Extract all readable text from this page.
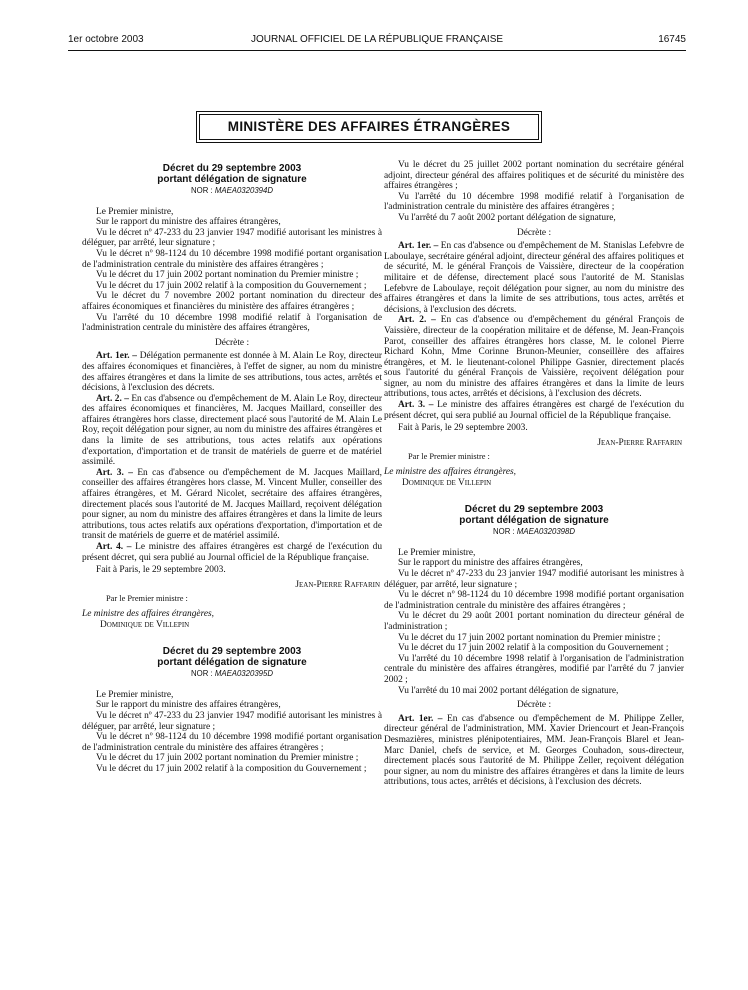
1er octobre 2003	JOURNAL OFFICIEL DE LA RÉPUBLIQUE FRANÇAISE	16745
MINISTÈRE DES AFFAIRES ÉTRANGÈRES

Décret du 29 septembre 2003

portant délégation de signature

NOR : MAEA0320394D

Le Premier ministre,

Sur le rapport du ministre des affaires étrangères,

Vu le décret nº 47-233 du 23 janvier 1947 modifié autorisant les ministres à déléguer, par arrêté, leur signature ;

Vu le décret nº 98-1124 du 10 décembre 1998 modifié portant organisation de l'administration centrale du ministère des affaires étrangères ;

Vu le décret du 17 juin 2002 portant nomination du Premier ministre ;

Vu le décret du 17 juin 2002 relatif à la composition du Gouvernement ;

Vu le décret du 7 novembre 2002 portant nomination du directeur des affaires économiques et financières du ministère des affaires étrangères ;

Vu l'arrêté du 10 décembre 1998 modifié relatif à l'organisation de l'administration centrale du ministère des affaires étrangères,

Décrète :

Art. 1er. – Délégation permanente est donnée à M. Alain Le Roy, directeur des affaires économiques et financières, à l'effet de signer, au nom du ministre des affaires étrangères et dans la limite de ses attributions, tous actes, arrêtés et décisions, à l'exclusion des décrets.

Art. 2. – En cas d'absence ou d'empêchement de M. Alain Le Roy, directeur des affaires économiques et financières, M. Jacques Maillard, conseiller des affaires étrangères hors classe, directement placé sous l'autorité de M. Alain Le Roy, reçoit délégation pour signer, au nom du ministre des affaires étrangères et dans la limite de ses attributions, tous actes relatifs aux opérations d'exportation, d'importation et de transit de matériels de guerre et de matériel assimilé.

Art. 3. – En cas d'absence ou d'empêchement de M. Jacques Maillard, conseiller des affaires étrangères hors classe, M. Vincent Muller, conseiller des affaires étrangères, et M. Gérard Nicolet, secrétaire des affaires étrangères, directement placés sous l'autorité de M. Jacques Maillard, reçoivent délégation pour signer, au nom du ministre des affaires étrangères et dans la limite de leurs attributions, tous actes relatifs aux opérations d'exportation, d'importation et de transit de matériels de guerre et de matériel assimilé.

Art. 4. – Le ministre des affaires étrangères est chargé de l'exécution du présent décret, qui sera publié au Journal officiel de la République française.

Fait à Paris, le 29 septembre 2003.

Jean-Pierre Raffarin

Par le Premier ministre :

Le ministre des affaires étrangères,

Dominique de Villepin

Décret du 29 septembre 2003

portant délégation de signature

NOR : MAEA0320395D

Le Premier ministre,

Sur le rapport du ministre des affaires étrangères,

Vu le décret nº 47-233 du 23 janvier 1947 modifié autorisant les ministres à déléguer, par arrêté, leur signature ;

Vu le décret nº 98-1124 du 10 décembre 1998 modifié portant organisation de l'administration centrale du ministère des affaires étrangères ;

Vu le décret du 17 juin 2002 portant nomination du Premier ministre ;

Vu le décret du 17 juin 2002 relatif à la composition du Gouvernement ;

Vu le décret du 25 juillet 2002 portant nomination du secrétaire général adjoint, directeur général des affaires politiques et de sécurité du ministère des affaires étrangères ;

Vu l'arrêté du 10 décembre 1998 modifié relatif à l'organisation de l'administration centrale du ministère des affaires étrangères ;

Vu l'arrêté du 7 août 2002 portant délégation de signature,

Décrète :

Art. 1er. – En cas d'absence ou d'empêchement de M. Stanislas Lefebvre de Laboulaye, secrétaire général adjoint, directeur général des affaires politiques et de sécurité, M. le général François de Vaissière, directeur de la coopération militaire et de défense, directement placé sous l'autorité de M. Stanislas Lefebvre de Laboulaye, reçoit délégation pour signer, au nom du ministre des affaires étrangères et dans la limite de ses attributions, tous actes, arrêtés et décisions, à l'exclusion des décrets.

Art. 2. – En cas d'absence ou d'empêchement du général François de Vaissière, directeur de la coopération militaire et de défense, M. Jean-François Parot, conseiller des affaires étrangères hors classe, M. le colonel Pierre Richard Kohn, Mme Corinne Brunon-Meunier, conseillère des affaires étrangères, et M. le lieutenant-colonel Philippe Gasnier, directement placés sous l'autorité du général François de Vaissière, reçoivent délégation pour signer, au nom du ministre des affaires étrangères et dans la limite de leurs attributions, tous actes, arrêtés et décisions, à l'exclusion des décrets.

Art. 3. – Le ministre des affaires étrangères est chargé de l'exécution du présent décret, qui sera publié au Journal officiel de la République française.

Fait à Paris, le 29 septembre 2003.

Jean-Pierre Raffarin

Par le Premier ministre :

Le ministre des affaires étrangères,

Dominique de Villepin

Décret du 29 septembre 2003

portant délégation de signature

NOR : MAEA0320398D

Le Premier ministre,

Sur le rapport du ministre des affaires étrangères,

Vu le décret nº 47-233 du 23 janvier 1947 modifié autorisant les ministres à déléguer, par arrêté, leur signature ;

Vu le décret nº 98-1124 du 10 décembre 1998 modifié portant organisation de l'administration centrale du ministère des affaires étrangères ;

Vu le décret du 29 août 2001 portant nomination du directeur général de l'administration ;

Vu le décret du 17 juin 2002 portant nomination du Premier ministre ;

Vu le décret du 17 juin 2002 relatif à la composition du Gouvernement ;

Vu l'arrêté du 10 décembre 1998 relatif à l'organisation de l'administration centrale du ministère des affaires étrangères, modifié par l'arrêté du 7 janvier 2002 ;

Vu l'arrêté du 10 mai 2002 portant délégation de signature,

Décrète :

Art. 1er. – En cas d'absence ou d'empêchement de M. Philippe Zeller, directeur général de l'administration, MM. Xavier Driencourt et Jean-François Desmazières, ministres plénipotentiaires, MM. Jean-François Blarel et Jean-Marc Daniel, chefs de service, et M. Georges Couhadon, sous-directeur, directement placés sous l'autorité de M. Philippe Zeller, reçoivent délégation pour signer, au nom du ministre des affaires étrangères et dans la limite de leurs attributions, tous actes, arrêtés et décisions, à l'exclusion des décrets.
